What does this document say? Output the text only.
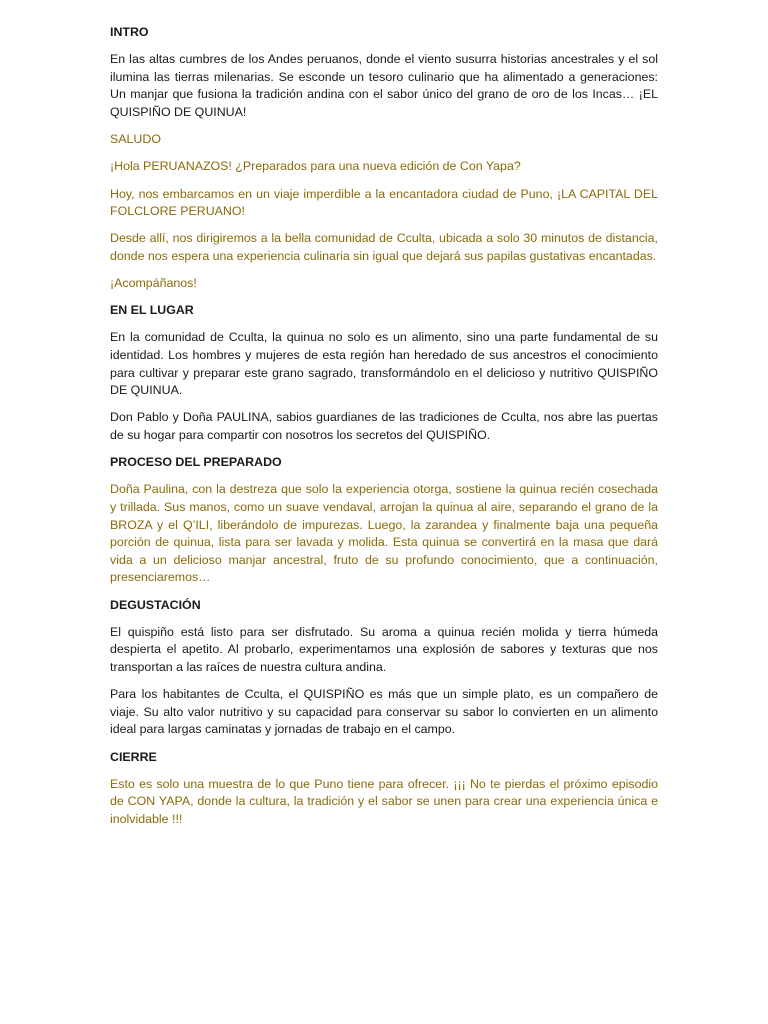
INTRO

En las altas cumbres de los Andes peruanos, donde el viento susurra historias ancestrales y el sol ilumina las tierras milenarias. Se esconde un tesoro culinario que ha alimentado a generaciones: Un manjar que fusiona la tradición andina con el sabor único del grano de oro de los Incas… ¡EL QUISPIÑO DE QUINUA!

SALUDO

¡Hola PERUANAZOS! ¿Preparados para una nueva edición de Con Yapa?

Hoy, nos embarcamos en un viaje imperdible a la encantadora ciudad de Puno, ¡LA CAPITAL DEL FOLCLORE PERUANO!

Desde allí, nos dirigiremos a la bella comunidad de Cculta, ubicada a solo 30 minutos de distancia, donde nos espera una experiencia culinaria sin igual que dejará sus papilas gustativas encantadas.

¡Acompáñanos!

EN EL LUGAR

En la comunidad de Cculta, la quinua no solo es un alimento, sino una parte fundamental de su identidad. Los hombres y mujeres de esta región han heredado de sus ancestros el conocimiento para cultivar y preparar este grano sagrado, transformándolo en el delicioso y nutritivo QUISPIÑO DE QUINUA.

Don Pablo y Doña PAULINA, sabios guardianes de las tradiciones de Cculta, nos abre las puertas de su hogar para compartir con nosotros los secretos del QUISPIÑO.

PROCESO DEL PREPARADO

Doña Paulina, con la destreza que solo la experiencia otorga, sostiene la quinua recién cosechada y trillada. Sus manos, como un suave vendaval, arrojan la quinua al aire, separando el grano de la BROZA y el Q’ILI, liberándolo de impurezas. Luego, la zarandea y finalmente baja una pequeña porción de quinua, lista para ser lavada y molida. Esta quinua se convertirá en la masa que dará vida a un delicioso manjar ancestral, fruto de su profundo conocimiento, que a continuación, presenciaremos…

DEGUSTACIÓN

El quispiño está listo para ser disfrutado. Su aroma a quinua recién molida y tierra húmeda despierta el apetito. Al probarlo, experimentamos una explosión de sabores y texturas que nos transportan a las raíces de nuestra cultura andina.

Para los habitantes de Cculta, el QUISPIÑO es más que un simple plato, es un compañero de viaje. Su alto valor nutritivo y su capacidad para conservar su sabor lo convierten en un alimento ideal para largas caminatas y jornadas de trabajo en el campo.

CIERRE

Esto es solo una muestra de lo que Puno tiene para ofrecer. ¡¡¡ No te pierdas el próximo episodio de CON YAPA, donde la cultura, la tradición y el sabor se unen para crear una experiencia única e inolvidable !!!
